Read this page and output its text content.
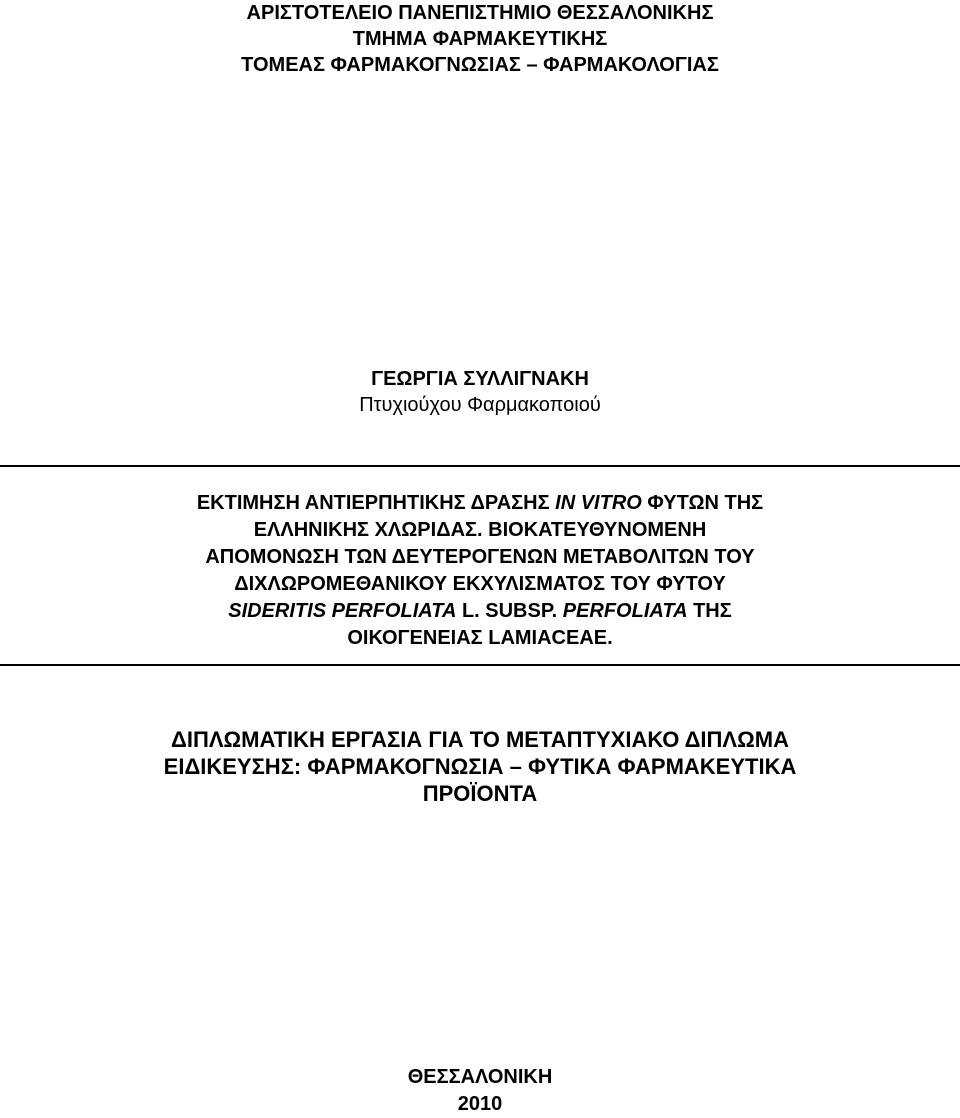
ΑΡΙΣΤΟΤΕΛΕΙΟ ΠΑΝΕΠΙΣΤΗΜΙΟ ΘΕΣΣΑΛΟΝΙΚΗΣ
ΤΜΗΜΑ ΦΑΡΜΑΚΕΥΤΙΚΗΣ
ΤΟΜΕΑΣ ΦΑΡΜΑΚΟΓΝΩΣΙΑΣ – ΦΑΡΜΑΚΟΛΟΓΙΑΣ
ΓΕΩΡΓΙΑ ΣΥΛΛΙΓΝΑΚΗ
Πτυχιούχου Φαρμακοποιού
ΕΚΤΙΜΗΣΗ ΑΝΤΙΕΡΠΗΤΙΚΗΣ ΔΡΑΣΗΣ IN VITRO ΦΥΤΩΝ ΤΗΣ
ΕΛΛΗΝΙΚΗΣ ΧΛΩΡΙΔΑΣ. ΒΙΟΚΑΤΕΥΘΥΝΟΜΕΝΗ
ΑΠΟΜΟΝΩΣΗ ΤΩΝ ΔΕΥΤΕΡΟΓΕΝΩΝ ΜΕΤΑΒΟΛΙΤΩΝ ΤΟΥ
ΔΙΧΛΩΡΟΜΕΘΑΝΙΚΟΥ ΕΚΧΥΛΙΣΜΑΤΟΣ ΤΟΥ ΦΥΤΟΥ
SIDERITIS PERFOLIATA L. SUBSP. PERFOLIATA ΤΗΣ
ΟΙΚΟΓΕΝΕΙΑΣ LAMIACEAE.
ΔΙΠΛΩΜΑΤΙΚΗ ΕΡΓΑΣΙΑ ΓΙΑ ΤΟ ΜΕΤΑΠΤΥΧΙΑΚΟ ΔΙΠΛΩΜΑ
ΕΙΔΙΚΕΥΣΗΣ: ΦΑΡΜΑΚΟΓΝΩΣΙΑ – ΦΥΤΙΚΑ ΦΑΡΜΑΚΕΥΤΙΚΑ
ΠΡΟΪΟΝΤΑ
ΘΕΣΣΑΛΟΝΙΚΗ
2010
